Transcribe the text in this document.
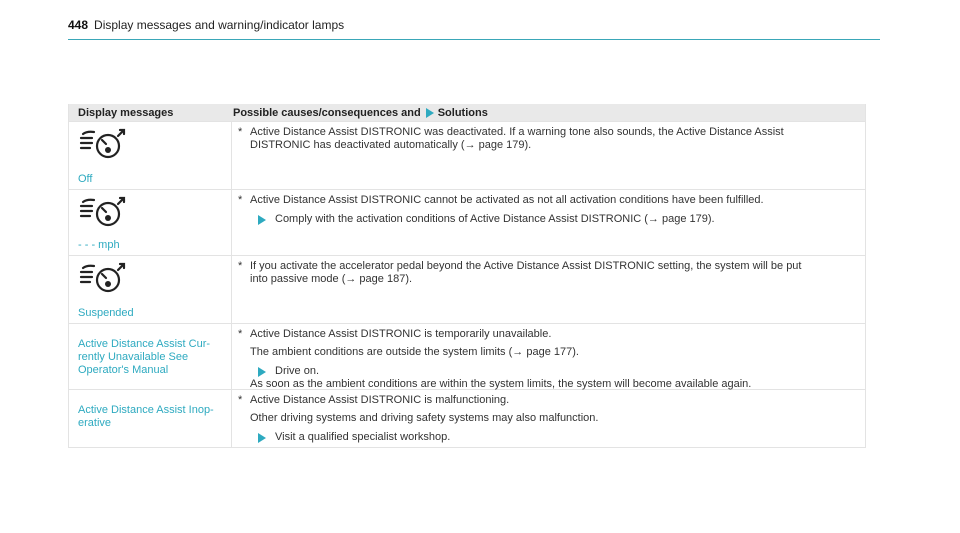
448 Display messages and warning/indicator lamps
Display messages	Possible causes/consequences and Solutions
Off
* Active Distance Assist DISTRONIC was deactivated. If a warning tone also sounds, the Active Distance Assist
DISTRONIC has deactivated automatically (→ page 179).
- - - mph
* Active Distance Assist DISTRONIC cannot be activated as not all activation conditions have been fulfilled.
Comply with the activation conditions of Active Distance Assist DISTRONIC (→ page 179).
Suspended
* If you activate the accelerator pedal beyond the Active Distance Assist DISTRONIC setting, the system will be put
into passive mode (→ page 187).
Active Distance Assist Cur-
rently Unavailable See
Operator's Manual
* Active Distance Assist DISTRONIC is temporarily unavailable.
The ambient conditions are outside the system limits (→ page 177).
Drive on.
As soon as the ambient conditions are within the system limits, the system will become available again.
Active Distance Assist Inop-
erative
* Active Distance Assist DISTRONIC is malfunctioning.
Other driving systems and driving safety systems may also malfunction.
Visit a qualified specialist workshop.
